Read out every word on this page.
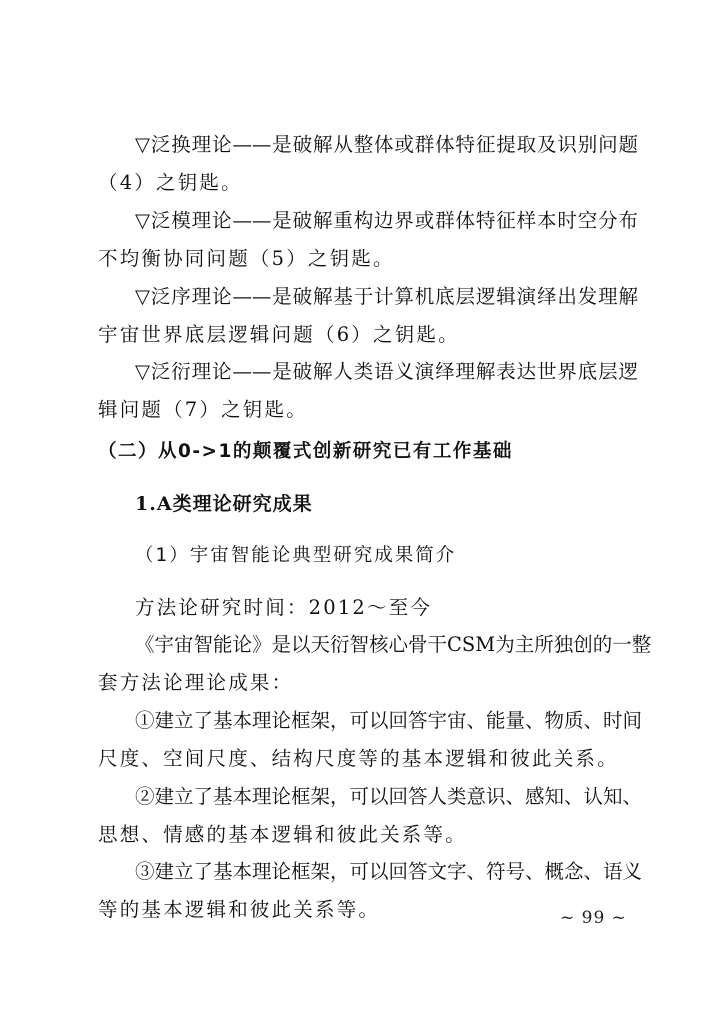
▽泛换理论——是破解从整体或群体特征提取及识别问题
（4）之钥匙。
▽泛模理论——是破解重构边界或群体特征样本时空分布
不均衡协同问题（5）之钥匙。
▽泛序理论——是破解基于计算机底层逻辑演绎出发理解
宇宙世界底层逻辑问题（6）之钥匙。
▽泛衍理论——是破解人类语义演绎理解表达世界底层逻
辑问题（7）之钥匙。
（二）从0->1的颠覆式创新研究已有工作基础
1.A类理论研究成果
（1）宇宙智能论典型研究成果简介
方法论研究时间：2012～至今
《宇宙智能论》是以天衍智核心骨干CSM为主所独创的一整
套方法论理论成果：
①建立了基本理论框架，可以回答宇宙、能量、物质、时间
尺度、空间尺度、结构尺度等的基本逻辑和彼此关系。
②建立了基本理论框架，可以回答人类意识、感知、认知、
思想、情感的基本逻辑和彼此关系等。
③建立了基本理论框架，可以回答文字、符号、概念、语义
等的基本逻辑和彼此关系等。	~ 99 ~
